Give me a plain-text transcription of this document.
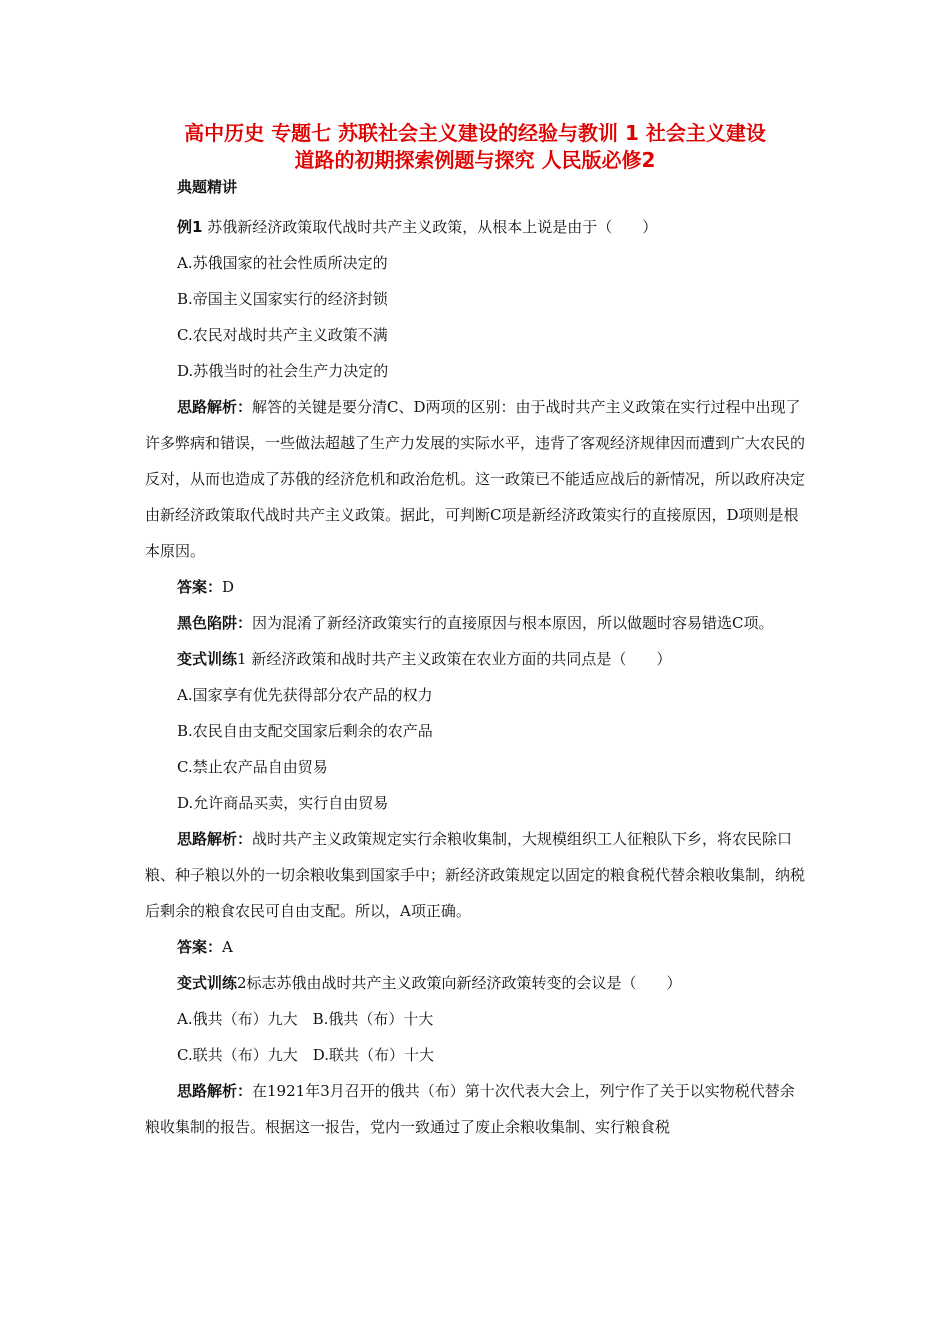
高中历史 专题七 苏联社会主义建设的经验与教训 1 社会主义建设
道路的初期探索例题与探究 人民版必修2

典题精讲

例1 苏俄新经济政策取代战时共产主义政策，从根本上说是由于（　　）

A.苏俄国家的社会性质所决定的

B.帝国主义国家实行的经济封锁

C.农民对战时共产主义政策不满

D.苏俄当时的社会生产力决定的

思路解析：解答的关键是要分清C、D两项的区别：由于战时共产主义政策在实行过程中出现了许多弊病和错误，一些做法超越了生产力发展的实际水平，违背了客观经济规律因而遭到广大农民的反对，从而也造成了苏俄的经济危机和政治危机。这一政策已不能适应战后的新情况，所以政府决定由新经济政策取代战时共产主义政策。据此，可判断C项是新经济政策实行的直接原因，D项则是根本原因。

答案：D

黑色陷阱：因为混淆了新经济政策实行的直接原因与根本原因，所以做题时容易错选C项。

变式训练1 新经济政策和战时共产主义政策在农业方面的共同点是（　　）

A.国家享有优先获得部分农产品的权力

B.农民自由支配交国家后剩余的农产品

C.禁止农产品自由贸易

D.允许商品买卖，实行自由贸易

思路解析：战时共产主义政策规定实行余粮收集制，大规模组织工人征粮队下乡，将农民除口粮、种子粮以外的一切余粮收集到国家手中；新经济政策规定以固定的粮食税代替余粮收集制，纳税后剩余的粮食农民可自由支配。所以，A项正确。

答案：A

变式训练2标志苏俄由战时共产主义政策向新经济政策转变的会议是（　　）

A.俄共（布）九大　B.俄共（布）十大

C.联共（布）九大　D.联共（布）十大

思路解析：在1921年3月召开的俄共（布）第十次代表大会上，列宁作了关于以实物税代替余粮收集制的报告。根据这一报告，党内一致通过了废止余粮收集制、实行粮食税
